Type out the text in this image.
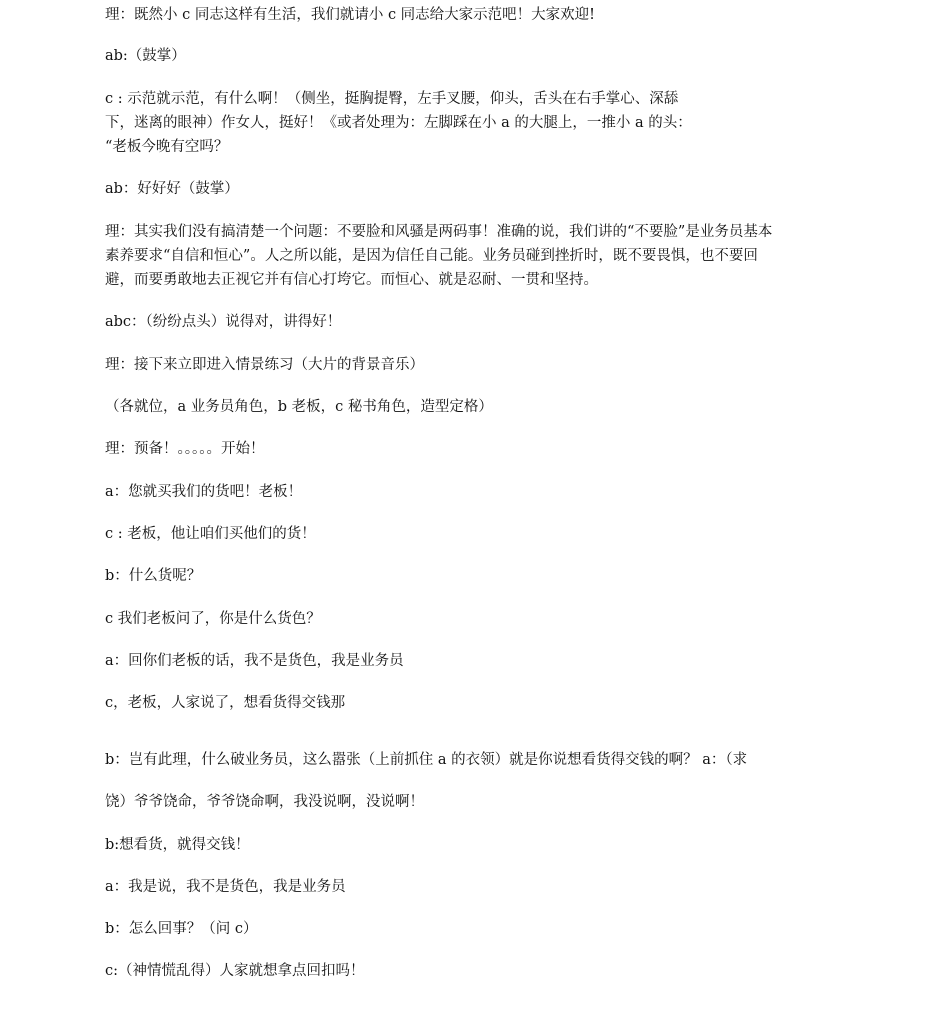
理：既然小 c 同志这样有生活，我们就请小 c 同志给大家示范吧！大家欢迎!

ab:（鼓掌）

c : 示范就示范，有什么啊！（侧坐，挺胸提臀，左手叉腰，仰头，舌头在右手掌心、深舔
下，迷离的眼神）作女人，挺好！《或者处理为：左脚踩在小 a 的大腿上，一推小 a 的头：
“老板今晚有空吗？

ab：好好好（鼓掌）

理：其实我们没有搞清楚一个问题：不要脸和风骚是两码事！准确的说，我们讲的“不要脸”是业务员基本
素养要求“自信和恒心”。人之所以能，是因为信任自己能。业务员碰到挫折时，既不要畏惧，也不要回
避，而要勇敢地去正视它并有信心打垮它。而恒心、就是忍耐、一贯和坚持。

abc：（纷纷点头）说得对，讲得好！

理：接下来立即进入情景练习（大片的背景音乐）

（各就位，a 业务员角色，b 老板，c 秘书角色，造型定格）

理：预备！。。。。。开始！

a：您就买我们的货吧！老板！

c : 老板，他让咱们买他们的货！

b：什么货呢？

c 我们老板问了，你是什么货色？

a：回你们老板的话，我不是货色，我是业务员

c，老板，人家说了，想看货得交钱那

b：岂有此理，什么破业务员，这么嚣张（上前抓住 a 的衣领）就是你说想看货得交钱的啊？ a：（求

饶）爷爷饶命，爷爷饶命啊，我没说啊，没说啊！

b:想看货，就得交钱！

a：我是说，我不是货色，我是业务员

b：怎么回事？（问 c）

c:（神情慌乱得）人家就想拿点回扣吗！
